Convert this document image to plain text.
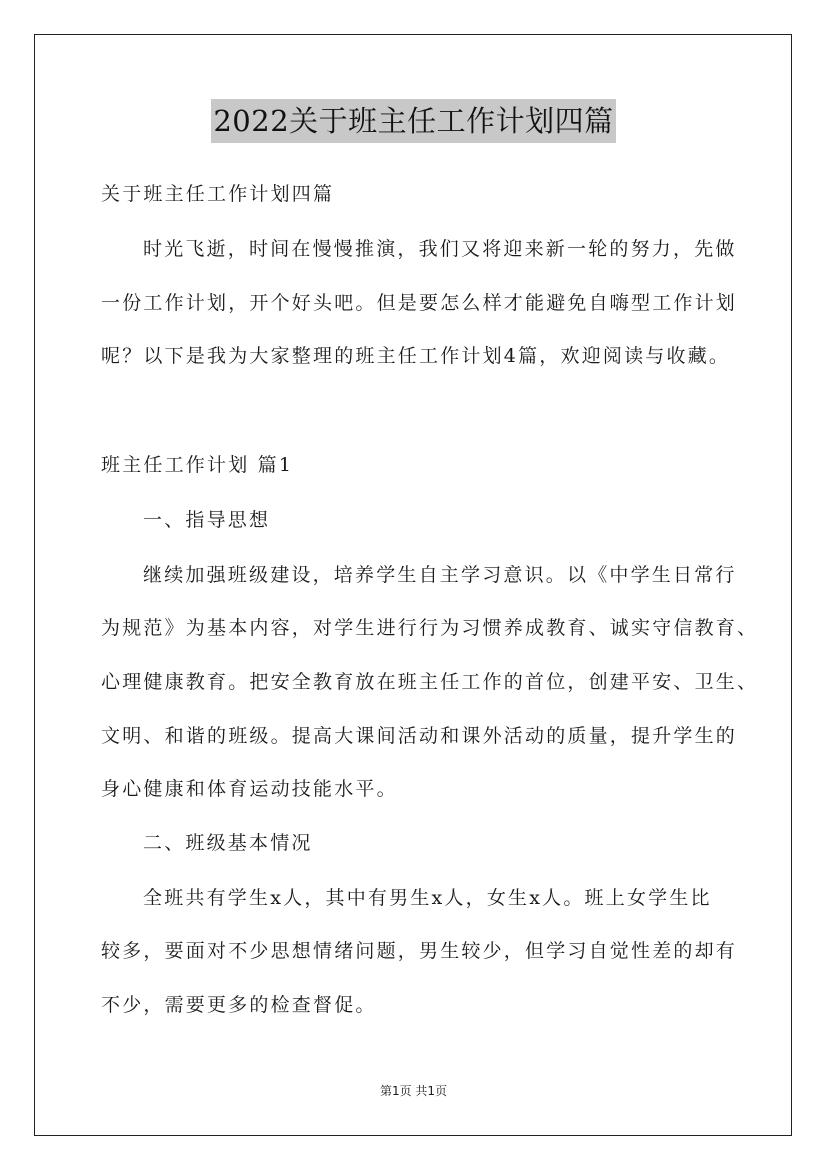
2022关于班主任工作计划四篇
关于班主任工作计划四篇
时光飞逝，时间在慢慢推演，我们又将迎来新一轮的努力，先做
一份工作计划，开个好头吧。但是要怎么样才能避免自嗨型工作计划
呢？以下是我为大家整理的班主任工作计划4篇，欢迎阅读与收藏。
班主任工作计划 篇1
一、指导思想
继续加强班级建设，培养学生自主学习意识。以《中学生日常行
为规范》为基本内容，对学生进行行为习惯养成教育、诚实守信教育、
心理健康教育。把安全教育放在班主任工作的首位，创建平安、卫生、
文明、和谐的班级。提高大课间活动和课外活动的质量，提升学生的
身心健康和体育运动技能水平。
二、班级基本情况
全班共有学生x人，其中有男生x人，女生x人。班上女学生比
较多，要面对不少思想情绪问题，男生较少，但学习自觉性差的却有
不少，需要更多的检查督促。
第1页 共1页
